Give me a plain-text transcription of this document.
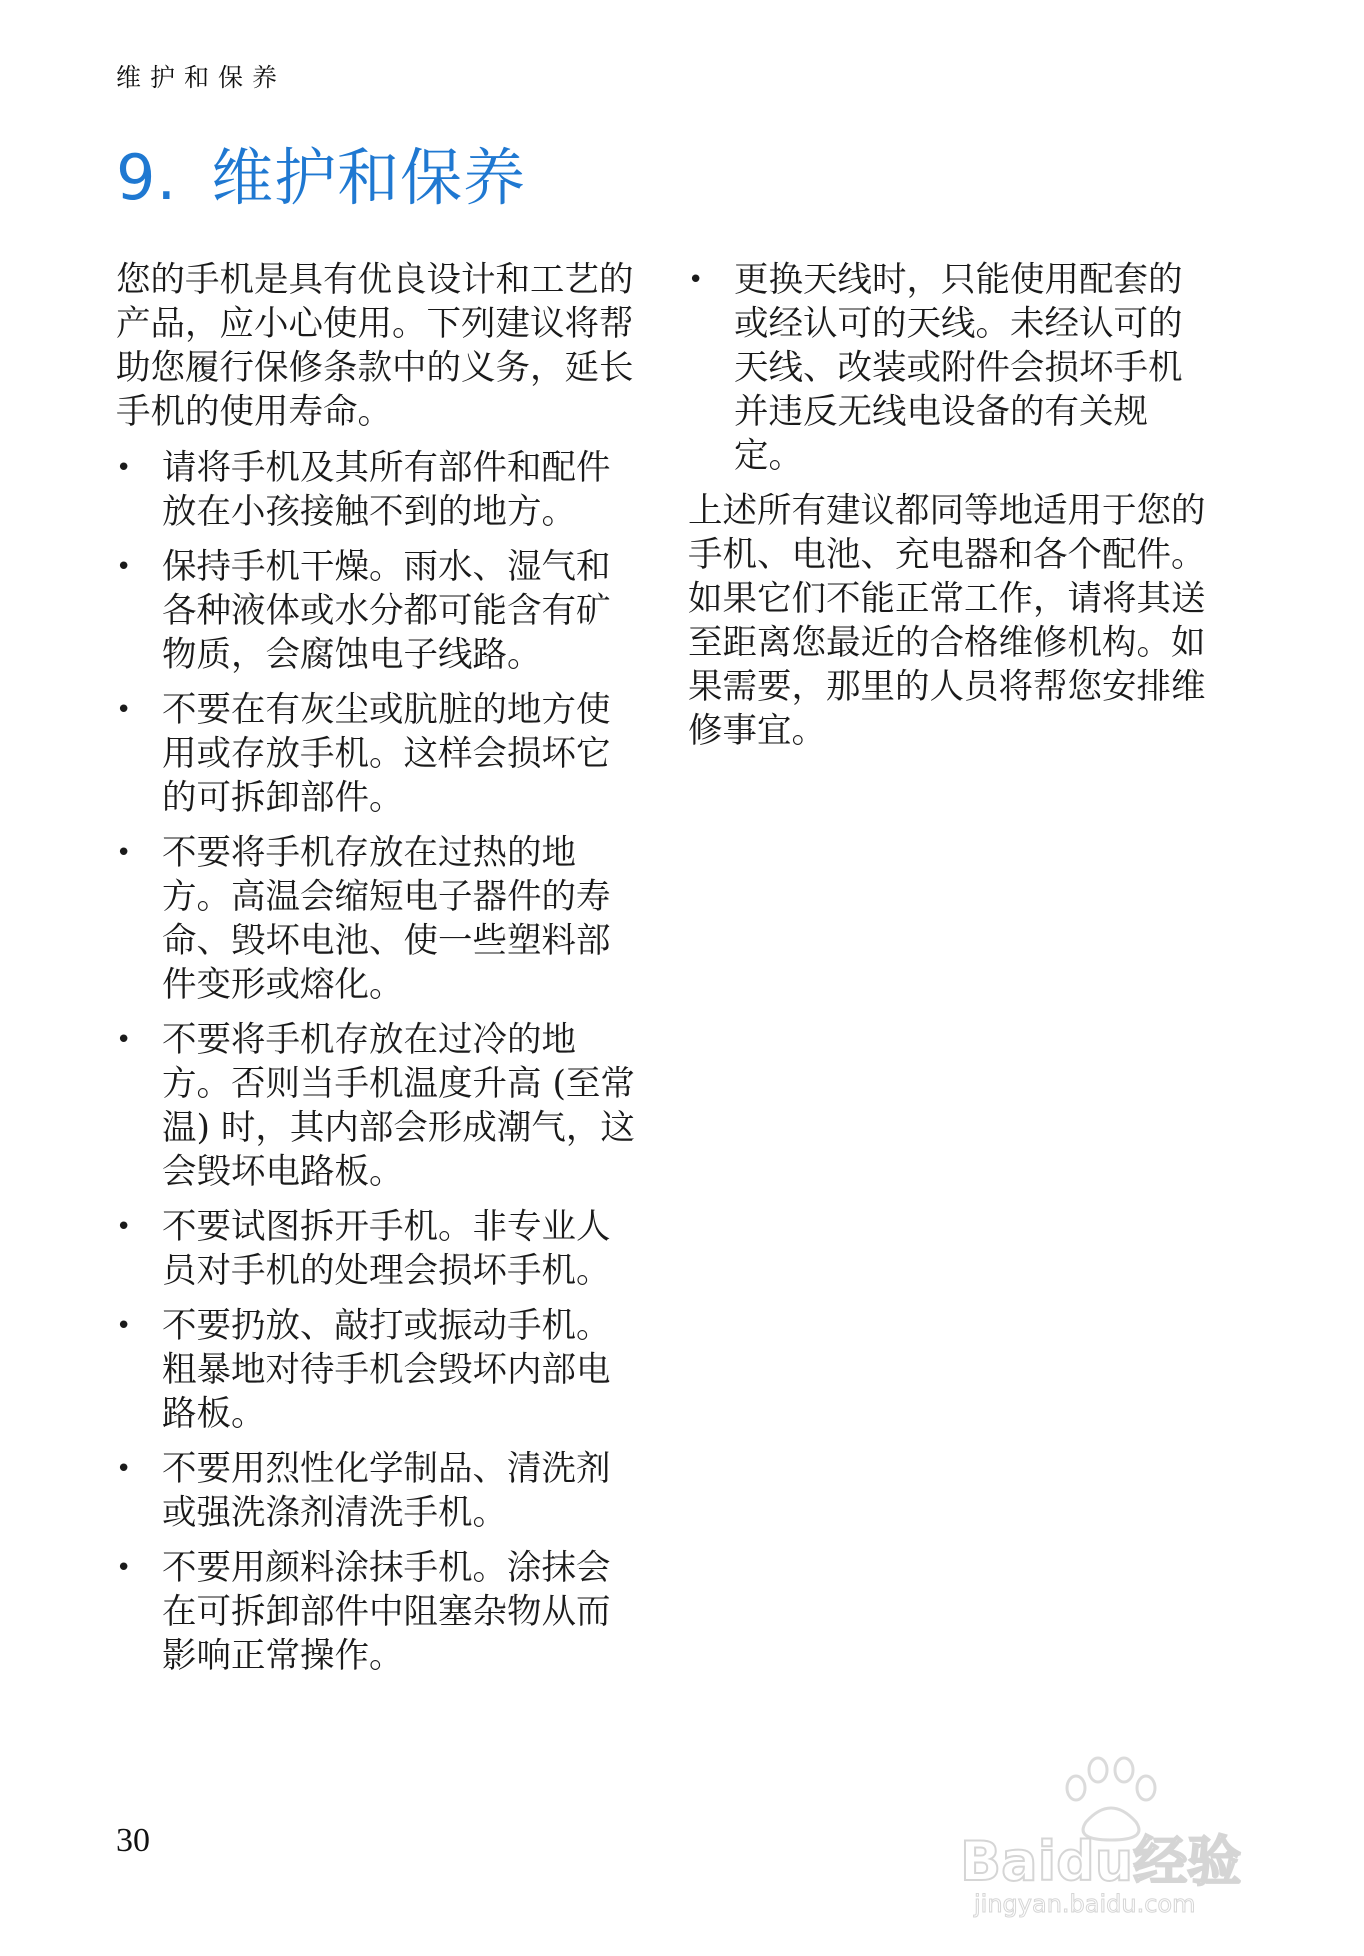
维护和保养
9. 维护和保养

您的手机是具有优良设计和工艺的产品，应小心使用。下列建议将帮助您履行保修条款中的义务，延长手机的使用寿命。

• 请将手机及其所有部件和配件放在小孩接触不到的地方。
• 保持手机干燥。雨水、湿气和各种液体或水分都可能含有矿物质，会腐蚀电子线路。
• 不要在有灰尘或肮脏的地方使用或存放手机。这样会损坏它的可拆卸部件。
• 不要将手机存放在过热的地方。高温会缩短电子器件的寿命、毁坏电池、使一些塑料部件变形或熔化。
• 不要将手机存放在过冷的地方。否则当手机温度升高 (至常温) 时，其内部会形成潮气，这会毁坏电路板。
• 不要试图拆开手机。非专业人员对手机的处理会损坏手机。
• 不要扔放、敲打或振动手机。粗暴地对待手机会毁坏内部电路板。
• 不要用烈性化学制品、清洗剂或强洗涤剂清洗手机。
• 不要用颜料涂抹手机。涂抹会在可拆卸部件中阻塞杂物从而影响正常操作。
• 更换天线时，只能使用配套的或经认可的天线。未经认可的天线、改装或附件会损坏手机并违反无线电设备的有关规定。

上述所有建议都同等地适用于您的手机、电池、充电器和各个配件。如果它们不能正常工作，请将其送至距离您最近的合格维修机构。如果需要，那里的人员将帮您安排维修事宜。

30	Baidu经验
jingyan.baidu.com
